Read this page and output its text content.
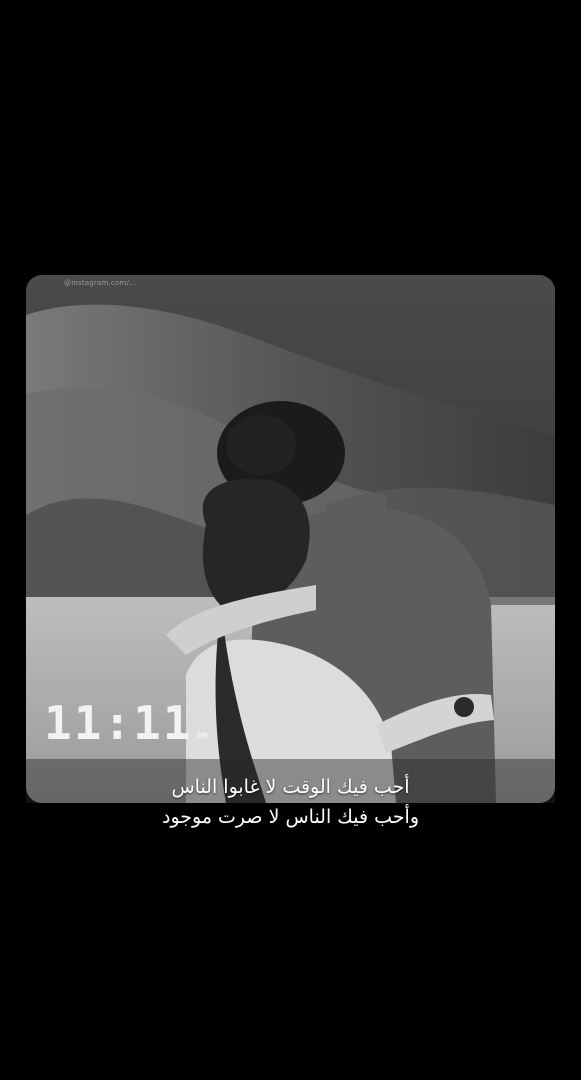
@instagram.com/...
11:11 PM
أحب فيك الوقت لا غابوا الناس
وأحب فيك الناس لا صرت موجود
